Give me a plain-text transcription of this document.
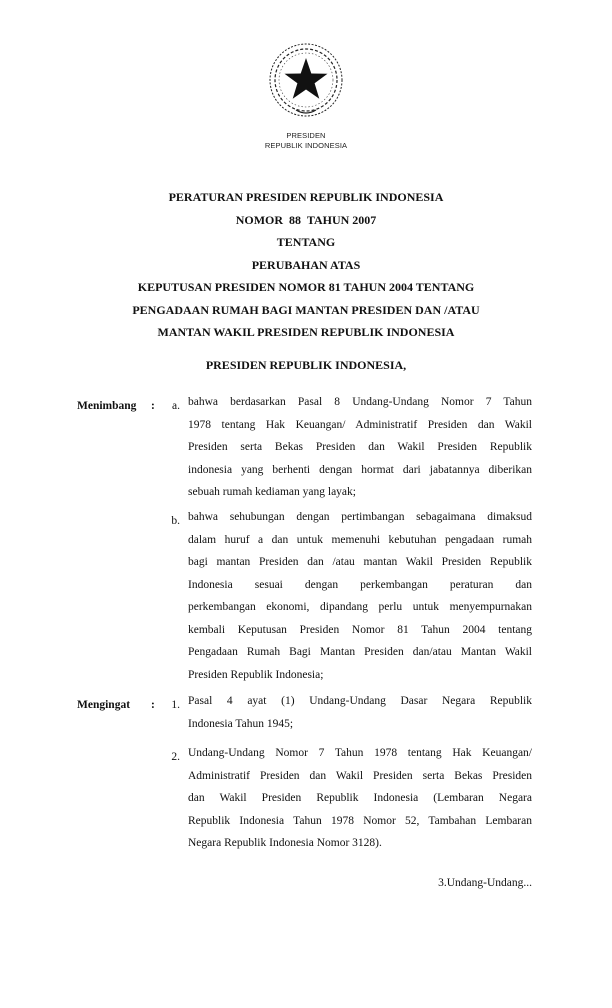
PRESIDEN
REPUBLIK INDONESIA
PERATURAN PRESIDEN REPUBLIK INDONESIA
NOMOR  88  TAHUN 2007
TENTANG
PERUBAHAN ATAS
KEPUTUSAN PRESIDEN NOMOR 81 TAHUN 2004 TENTANG
PENGADAAN RUMAH BAGI MANTAN PRESIDEN DAN /ATAU
MANTAN WAKIL PRESIDEN REPUBLIK INDONESIA
PRESIDEN REPUBLIK INDONESIA,
Menimbang :	a. bahwa berdasarkan Pasal 8 Undang-Undang Nomor 7 Tahun
1978 tentang Hak Keuangan/ Administratif Presiden dan Wakil
Presiden serta Bekas Presiden dan Wakil Presiden Republik
indonesia yang berhenti dengan hormat dari jabatannya diberikan
sebuah rumah kediaman yang layak;
b. bahwa sehubungan dengan pertimbangan sebagaimana dimaksud
dalam huruf a dan untuk memenuhi kebutuhan pengadaan rumah
bagi mantan Presiden dan /atau mantan Wakil Presiden Republik
Indonesia sesuai dengan perkembangan peraturan dan
perkembangan ekonomi, dipandang perlu untuk menyempurnakan
kembali Keputusan Presiden Nomor 81 Tahun 2004 tentang
Pengadaan Rumah Bagi Mantan Presiden dan/atau Mantan Wakil
Presiden Republik Indonesia;
Mengingat :	1. Pasal 4 ayat (1) Undang-Undang Dasar Negara Republik
Indonesia Tahun 1945;
2. Undang-Undang Nomor 7 Tahun 1978 tentang Hak Keuangan/
Administratif Presiden dan Wakil Presiden serta Bekas Presiden
dan Wakil Presiden Republik Indonesia (Lembaran Negara
Republik Indonesia Tahun 1978 Nomor 52, Tambahan Lembaran
Negara Republik Indonesia Nomor 3128).
3.Undang-Undang...
